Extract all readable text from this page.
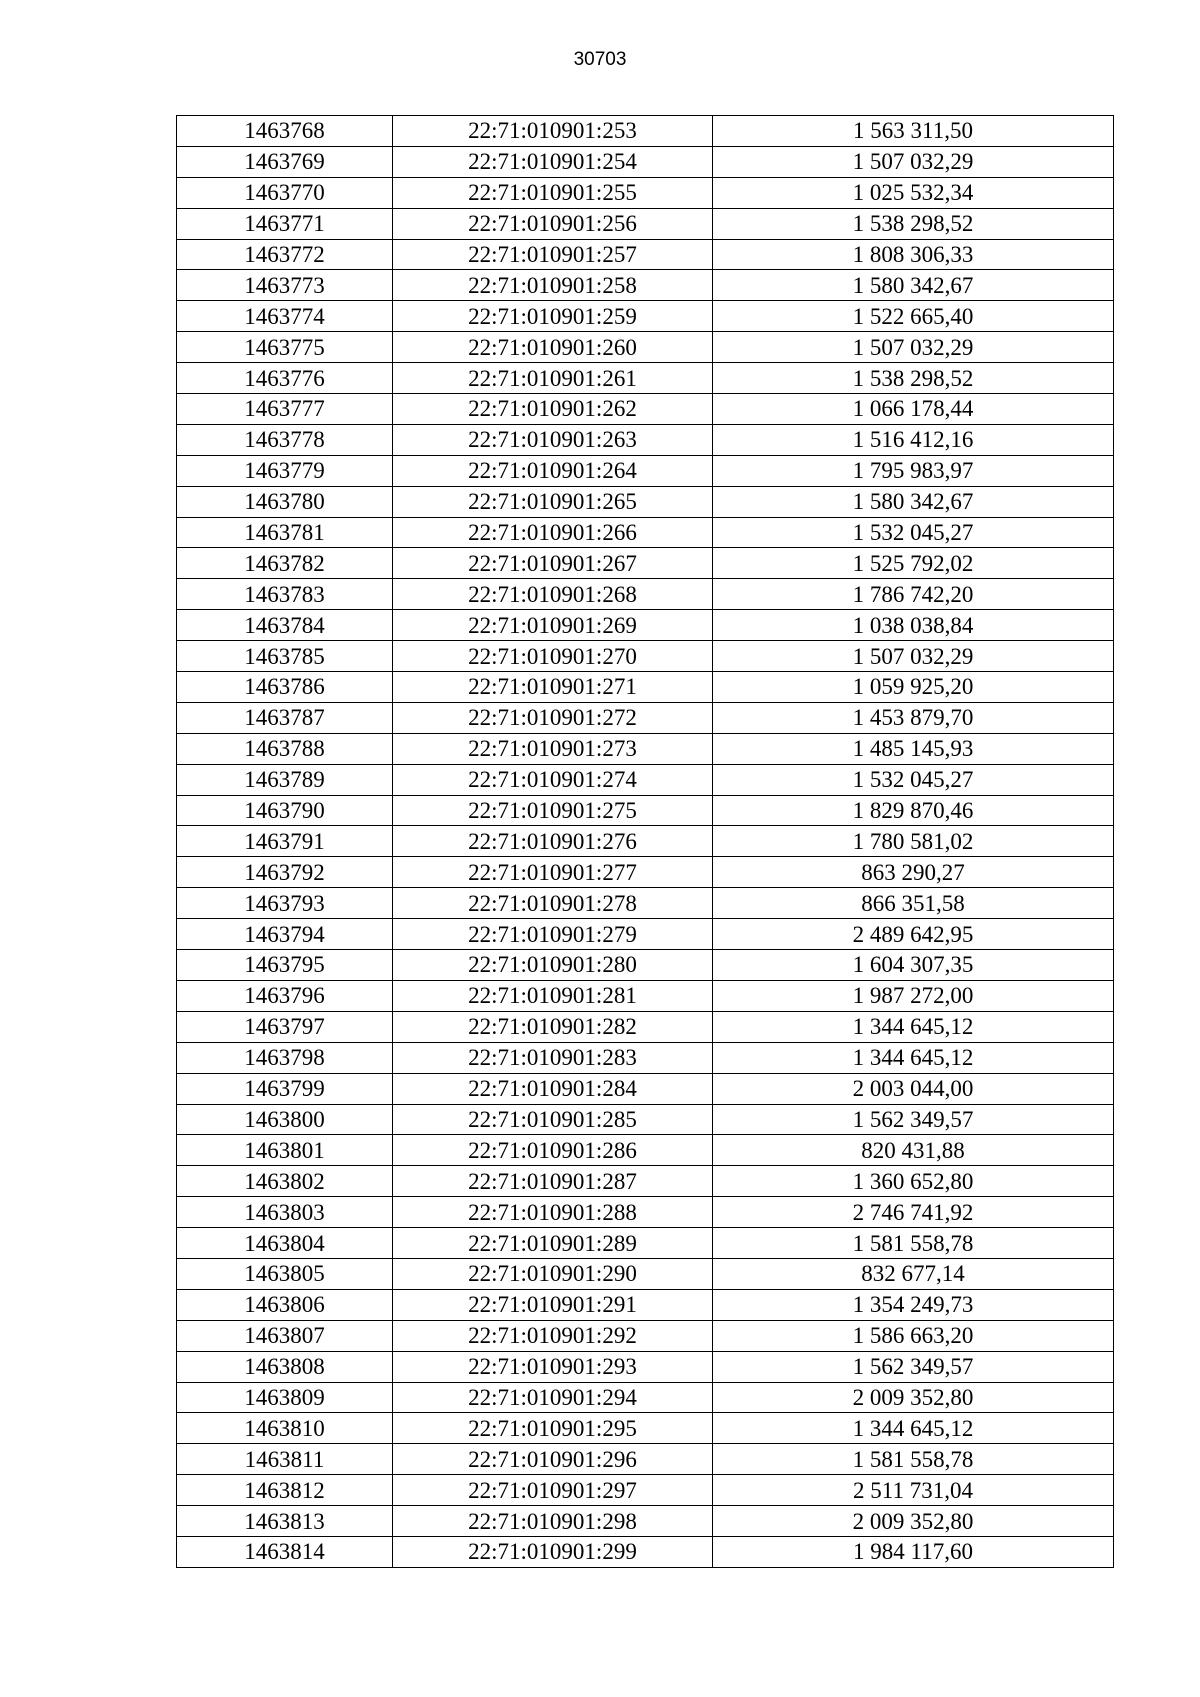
30703
1463768	22:71:010901:253	1 563 311,50
1463769	22:71:010901:254	1 507 032,29
1463770	22:71:010901:255	1 025 532,34
1463771	22:71:010901:256	1 538 298,52
1463772	22:71:010901:257	1 808 306,33
1463773	22:71:010901:258	1 580 342,67
1463774	22:71:010901:259	1 522 665,40
1463775	22:71:010901:260	1 507 032,29
1463776	22:71:010901:261	1 538 298,52
1463777	22:71:010901:262	1 066 178,44
1463778	22:71:010901:263	1 516 412,16
1463779	22:71:010901:264	1 795 983,97
1463780	22:71:010901:265	1 580 342,67
1463781	22:71:010901:266	1 532 045,27
1463782	22:71:010901:267	1 525 792,02
1463783	22:71:010901:268	1 786 742,20
1463784	22:71:010901:269	1 038 038,84
1463785	22:71:010901:270	1 507 032,29
1463786	22:71:010901:271	1 059 925,20
1463787	22:71:010901:272	1 453 879,70
1463788	22:71:010901:273	1 485 145,93
1463789	22:71:010901:274	1 532 045,27
1463790	22:71:010901:275	1 829 870,46
1463791	22:71:010901:276	1 780 581,02
1463792	22:71:010901:277	863 290,27
1463793	22:71:010901:278	866 351,58
1463794	22:71:010901:279	2 489 642,95
1463795	22:71:010901:280	1 604 307,35
1463796	22:71:010901:281	1 987 272,00
1463797	22:71:010901:282	1 344 645,12
1463798	22:71:010901:283	1 344 645,12
1463799	22:71:010901:284	2 003 044,00
1463800	22:71:010901:285	1 562 349,57
1463801	22:71:010901:286	820 431,88
1463802	22:71:010901:287	1 360 652,80
1463803	22:71:010901:288	2 746 741,92
1463804	22:71:010901:289	1 581 558,78
1463805	22:71:010901:290	832 677,14
1463806	22:71:010901:291	1 354 249,73
1463807	22:71:010901:292	1 586 663,20
1463808	22:71:010901:293	1 562 349,57
1463809	22:71:010901:294	2 009 352,80
1463810	22:71:010901:295	1 344 645,12
1463811	22:71:010901:296	1 581 558,78
1463812	22:71:010901:297	2 511 731,04
1463813	22:71:010901:298	2 009 352,80
1463814	22:71:010901:299	1 984 117,60
